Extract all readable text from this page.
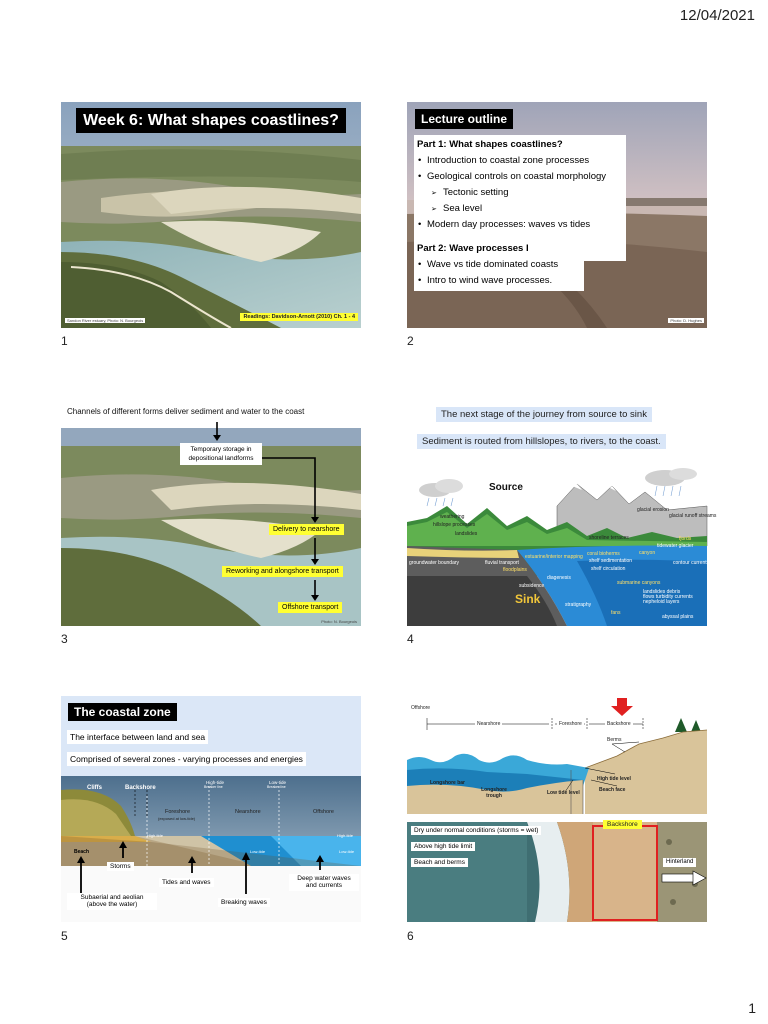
12/04/2021
Week 6: What shapes coastlines?
Sandon River estuary, Photo: N. Bourgeois
Readings: Davidson-Arnott (2010) Ch. 1 - 4
1
Lecture outline
Part 1: What shapes coastlines?
• Introduction to coastal zone processes
• Geological controls on coastal morphology
➢ Tectonic setting
➢ Sea level
• Modern day processes: waves vs tides
Part 2: Wave processes I
• Wave vs tide dominated coasts
• Intro to wind wave processes.
Photo: D. Hughes
2
Channels of different forms deliver sediment and water to the coast
Temporary storage in depositional landforms
Delivery to nearshore
Reworking and alongshore transport
Offshore transport
Photo: N. Bourgeois
3
The next stage of the journey from source to sink
Sediment is routed from hillslopes, to rivers, to the coast.
Source
Sink
weathering
hillslope processes
landslides
glacial erosion
glacial runoff streams
shoreline terraces
tidewater glacier
fjords
fluvial transport
estuarine/interior mapping
floodplains
coral bioherms
shelf sedimentation
canyon
contour currents
groundwater boundary
diagenesis
subsidence
shelf circulation
submarine canyons
landslides debris flows turbidity currents nepheloid layers
stratigraphy
fans
abyssal plains
4
The coastal zone
The interface between land and sea
Comprised of several zones - varying processes and energies
Cliffs	Backshore
Foreshore
(exposed at low-tide)
Nearshore	Offshore
High-tide
Breaker line
Low-tide
Breaker line
High-tide	High-tide
Low-tide	Low-tide
Beach
Storms
Tides and waves
Breaking waves
Deep water waves and currents
Subaerial and aeolian (above the water)
5
Offshore
Nearshore	Foreshore	Backshore
Berms
Longshore bar
Longshore trough	Low tide level
High tide level
Beach face
Backshore
Dry under normal conditions (storms = wet)
Above high tide limit
Beach and berms	Hinterland
6
1
